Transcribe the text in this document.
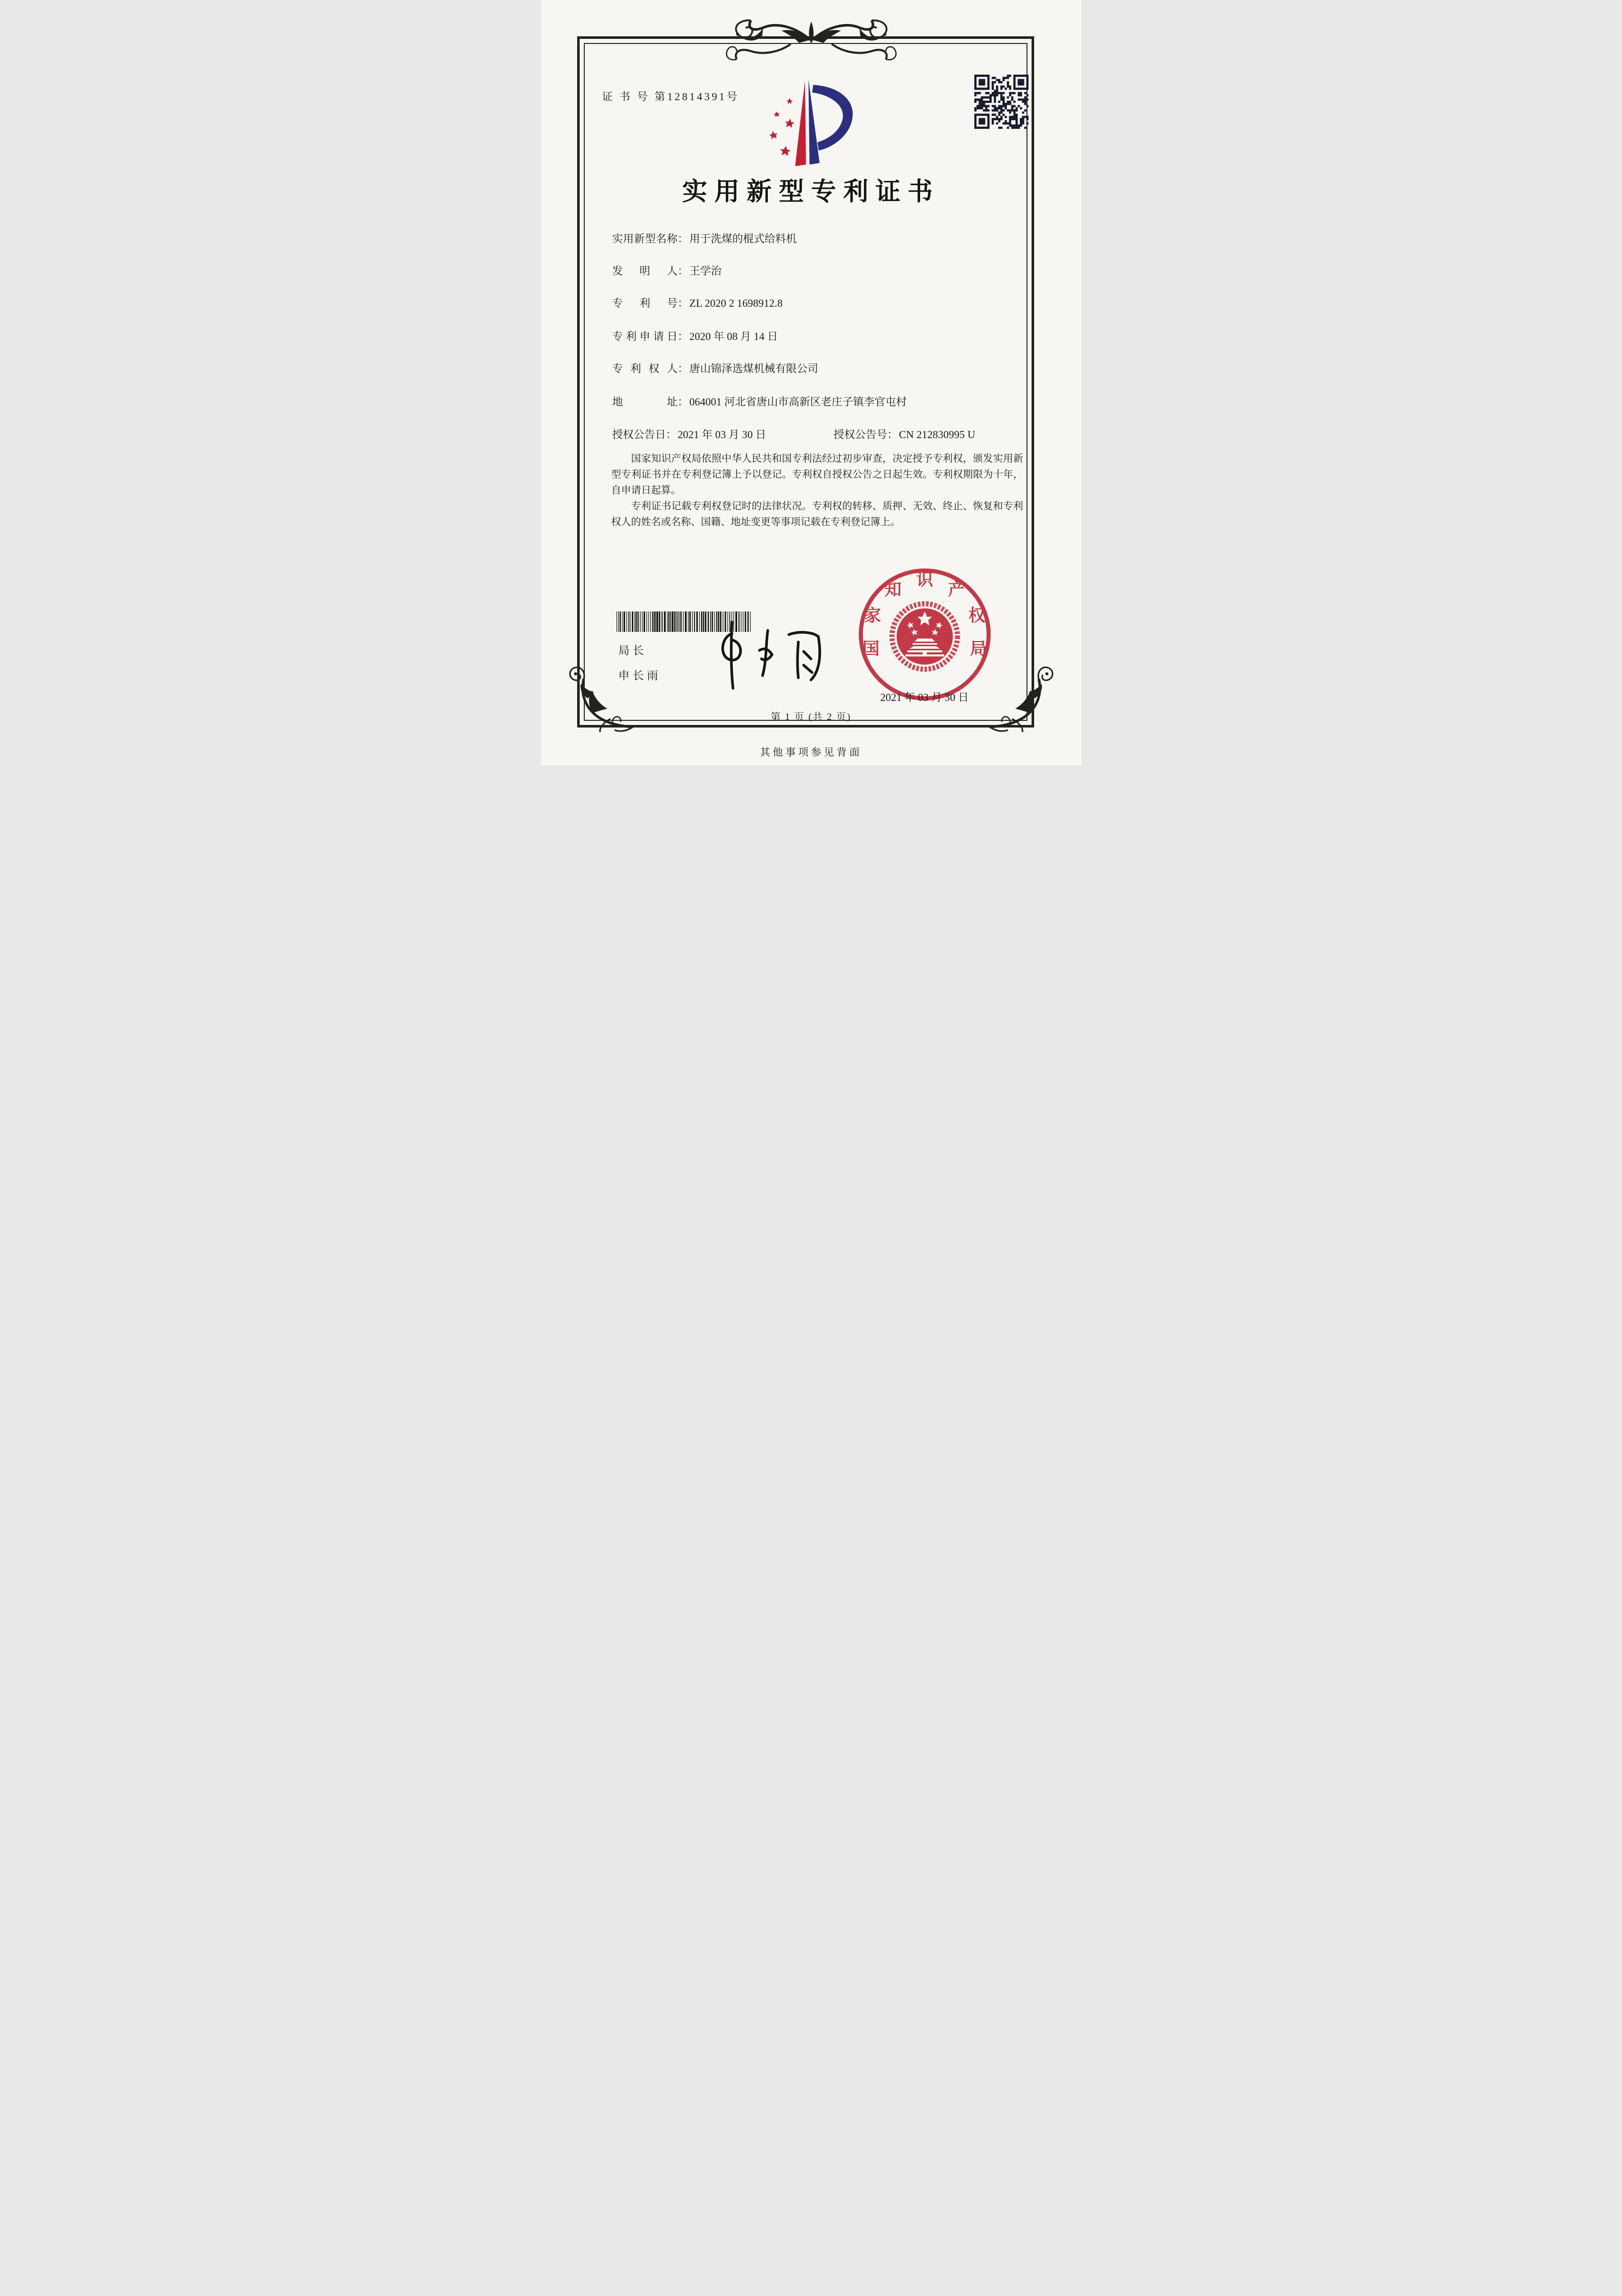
证 书 号 第12814391号
实用新型专利证书
实用新型名称：用于洗煤的棍式给料机
发明人：王学治
专利号：ZL 2020 2 1698912.8
专利申请日：2020 年 08 月 14 日
专利权人：唐山锦泽选煤机械有限公司
地址：064001 河北省唐山市高新区老庄子镇李官屯村
授权公告日：2021 年 03 月 30 日	授权公告号：CN 212830995 U

国家知识产权局依照中华人民共和国专利法经过初步审查，决定授予专利权，颁发实用新型专利证书并在专利登记簿上予以登记。专利权自授权公告之日起生效。专利权期限为十年，自申请日起算。

专利证书记载专利权登记时的法律状况。专利权的转移、质押、无效、终止、恢复和专利权人的姓名或名称、国籍、地址变更等事项记载在专利登记簿上。

局长
申长雨
国
家
知
识
产
权
局
2021 年 03 月 30 日
第 1 页 (共 2 页)
其他事项参见背面
